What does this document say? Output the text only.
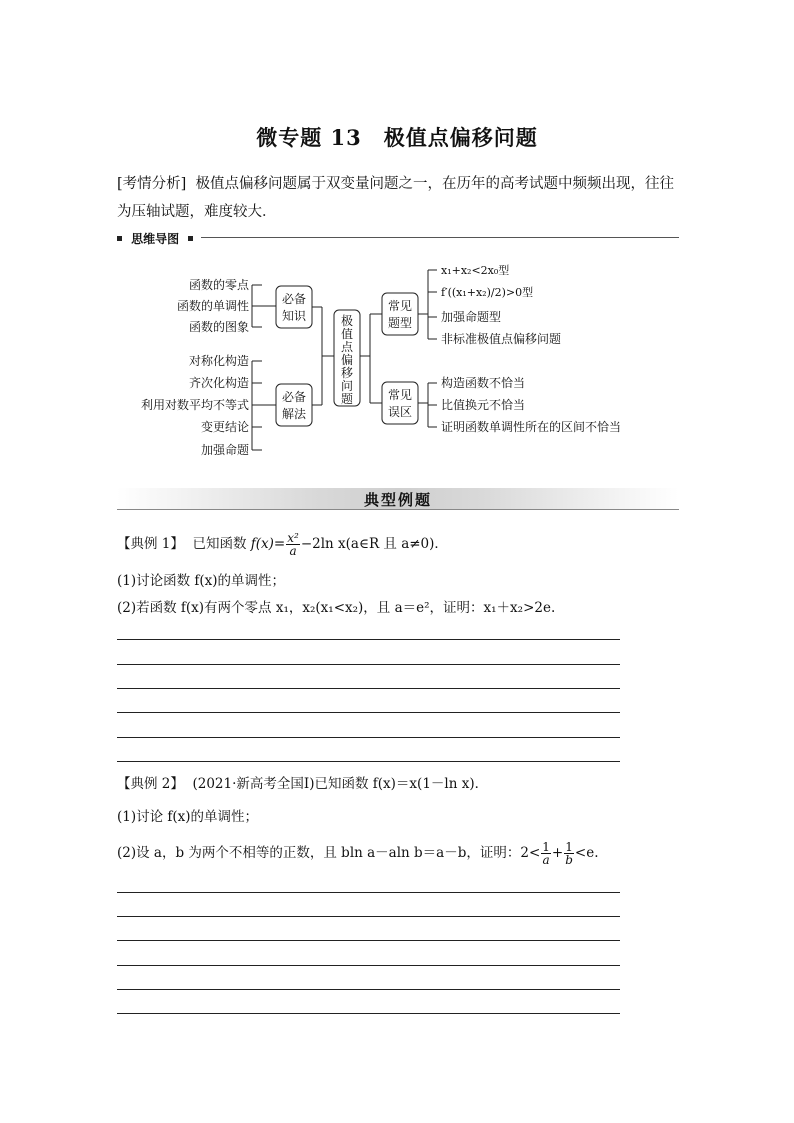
微专题 13　极值点偏移问题
[考情分析] 极值点偏移问题属于双变量问题之一，在历年的高考试题中频频出现，往往为压轴试题，难度较大．
思维导图
函数的零点
函数的单调性
函数的图象
对称化构造
齐次化构造
利用对数平均不等式
变更结论
加强命题
必备
知识
必备
解法
常见
题型
常见
误区
极
值
点
偏
移
问
题
x₁+x₂<2x₀型
f′((x₁+x₂)/2)>0型
加强命题型
非标准极值点偏移问题
构造函数不恰当
比值换元不恰当
证明函数单调性所在的区间不恰当
典型例题
【典例 1】 已知函数 $f(x)= \frac{\text{x²}}{a} -2\ln$ x(a∈R 且 a≠0)．
(1)讨论函数 f(x)的单调性；
(2)若函数 f(x)有两个零点 x₁，x₂(x₁<x₂)，且 a＝e²，证明：x₁＋x₂>2e.
【典例 2】 (2021·新高考全国Ⅰ)已知函数 f(x)＝x(1－ln x)．
(1)讨论 f(x)的单调性；
(2)设 a，b 为两个不相等的正数，且 bln a－aln b＝a－b，证明：$2< \frac{1}{a} + \frac{1}{b} <e$.
